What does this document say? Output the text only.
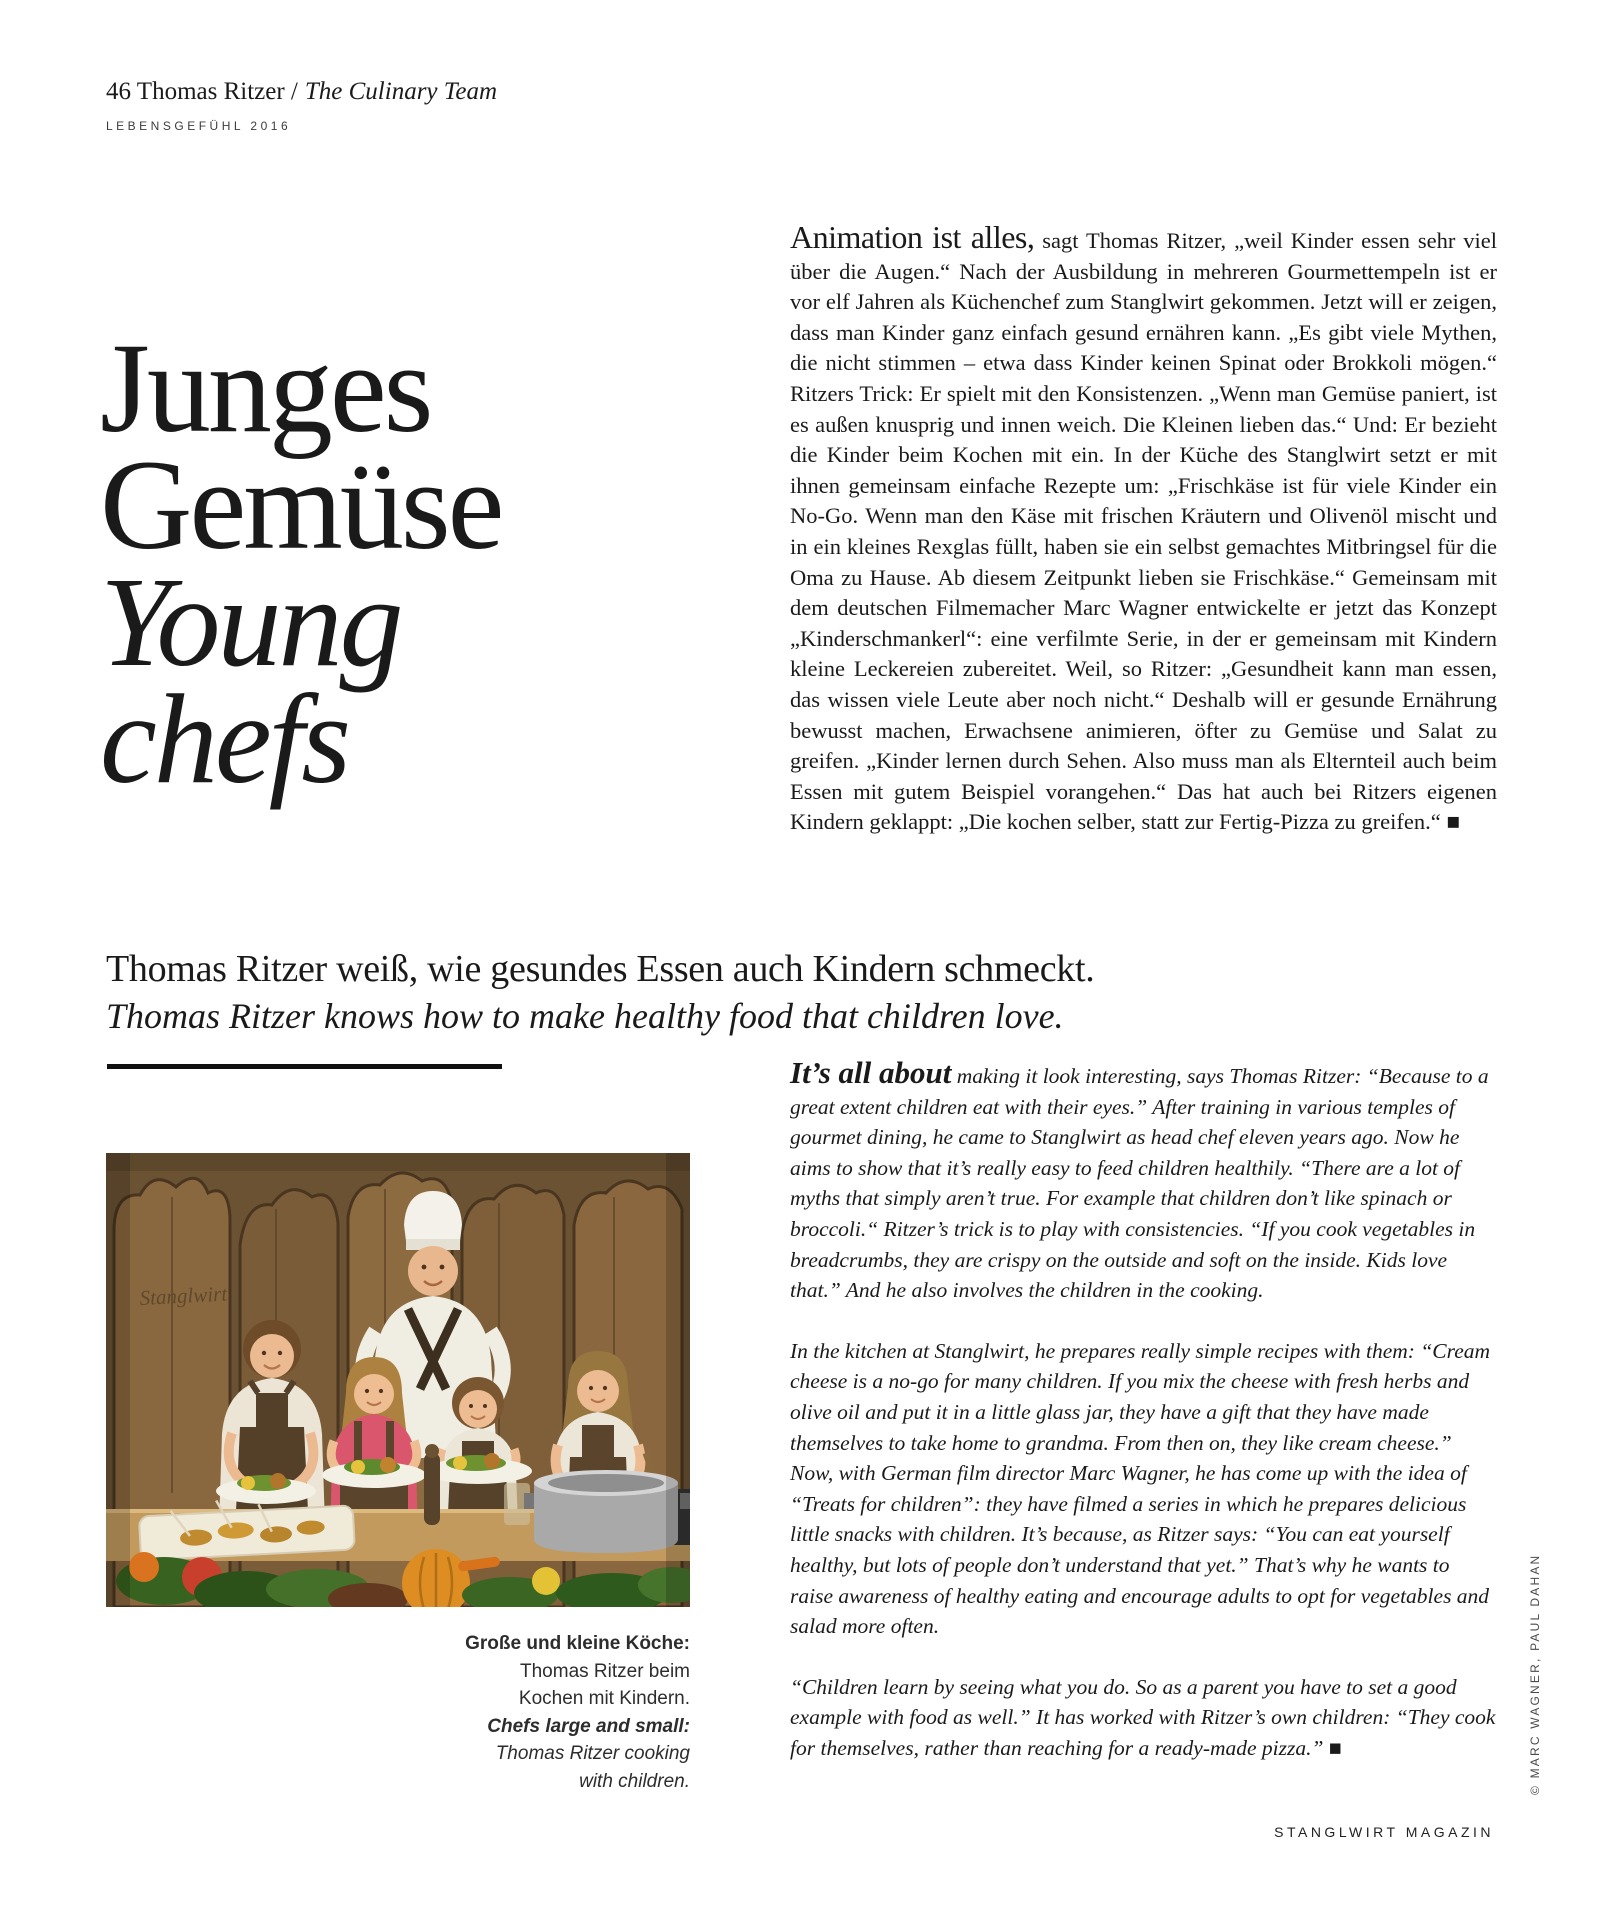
46 Thomas Ritzer / The Culinary Team
LEBENSGEFÜHL 2016
Junges
Gemüse
Young
chefs

Animation ist alles, sagt Thomas Ritzer, „weil Kinder essen sehr viel über die Augen.“ Nach der Ausbildung in mehreren Gourmettempeln ist er vor elf Jahren als Küchenchef zum Stanglwirt gekommen. Jetzt will er zeigen, dass man Kinder ganz einfach gesund ernähren kann. „Es gibt viele Mythen, die nicht stimmen – etwa dass Kinder keinen Spinat oder Brokkoli mögen.“ Ritzers Trick: Er spielt mit den Konsistenzen. „Wenn man Gemüse paniert, ist es außen knusprig und innen weich. Die Kleinen lieben das.“ Und: Er bezieht die Kinder beim Kochen mit ein. In der Küche des Stanglwirt setzt er mit ihnen gemeinsam einfache Rezepte um: „Frischkäse ist für viele Kinder ein No-Go. Wenn man den Käse mit frischen Kräutern und Olivenöl mischt und in ein kleines Rexglas füllt, haben sie ein selbst gemachtes Mitbringsel für die Oma zu Hause. Ab diesem Zeitpunkt lieben sie Frischkäse.“ Gemeinsam mit dem deutschen Filmemacher Marc Wagner entwickelte er jetzt das Konzept „Kinderschmankerl“: eine verfilmte Serie, in der er gemeinsam mit Kindern kleine Leckereien zubereitet. Weil, so Ritzer: „Gesundheit kann man essen, das wissen viele Leute aber noch nicht.“ Deshalb will er gesunde Ernährung bewusst machen, Erwachsene animieren, öfter zu Gemüse und Salat zu greifen. „Kinder lernen durch Sehen. Also muss man als Elternteil auch beim Essen mit gutem Beispiel vorangehen.“ Das hat auch bei Ritzers eigenen Kindern geklappt: „Die kochen selber, statt zur Fertig-Pizza zu greifen.“ ■

Thomas Ritzer weiß, wie gesundes Essen auch Kindern schmeckt.
Thomas Ritzer knows how to make healthy food that children love.
Stanglwirt
Große und kleine Köche:
Thomas Ritzer beim
Kochen mit Kindern.
Chefs large and small:
Thomas Ritzer cooking
with children.

It’s all about making it look interesting, says Thomas Ritzer: “Because to a great extent children eat with their eyes.” After training in various temples of gourmet dining, he came to Stanglwirt as head chef eleven years ago. Now he aims to show that it’s really easy to feed children healthily. “There are a lot of myths that simply aren’t true. For example that children don’t like spinach or broccoli.“ Ritzer’s trick is to play with consistencies. “If you cook vegetables in breadcrumbs, they are crispy on the outside and soft on the inside. Kids love that.” And he also involves the children in the cooking.

In the kitchen at Stanglwirt, he prepares really simple recipes with them: “Cream cheese is a no-go for many children. If you mix the cheese with fresh herbs and olive oil and put it in a little glass jar, they have a gift that they have made themselves to take home to grandma. From then on, they like cream cheese.” Now, with German film director Marc Wagner, he has come up with the idea of “Treats for children”: they have filmed a series in which he prepares delicious little snacks with children. It’s because, as Ritzer says: “You can eat yourself healthy, but lots of people don’t understand that yet.” That’s why he wants to raise awareness of healthy eating and encourage adults to opt for vegetables and salad more often.

“Children learn by seeing what you do. So as a parent you have to set a good example with food as well.” It has worked with Ritzer’s own children: “They cook for themselves, rather than reaching for a ready-made pizza.” ■	© MARC WAGNER, PAUL DAHAN
STANGLWIRT MAGAZIN
